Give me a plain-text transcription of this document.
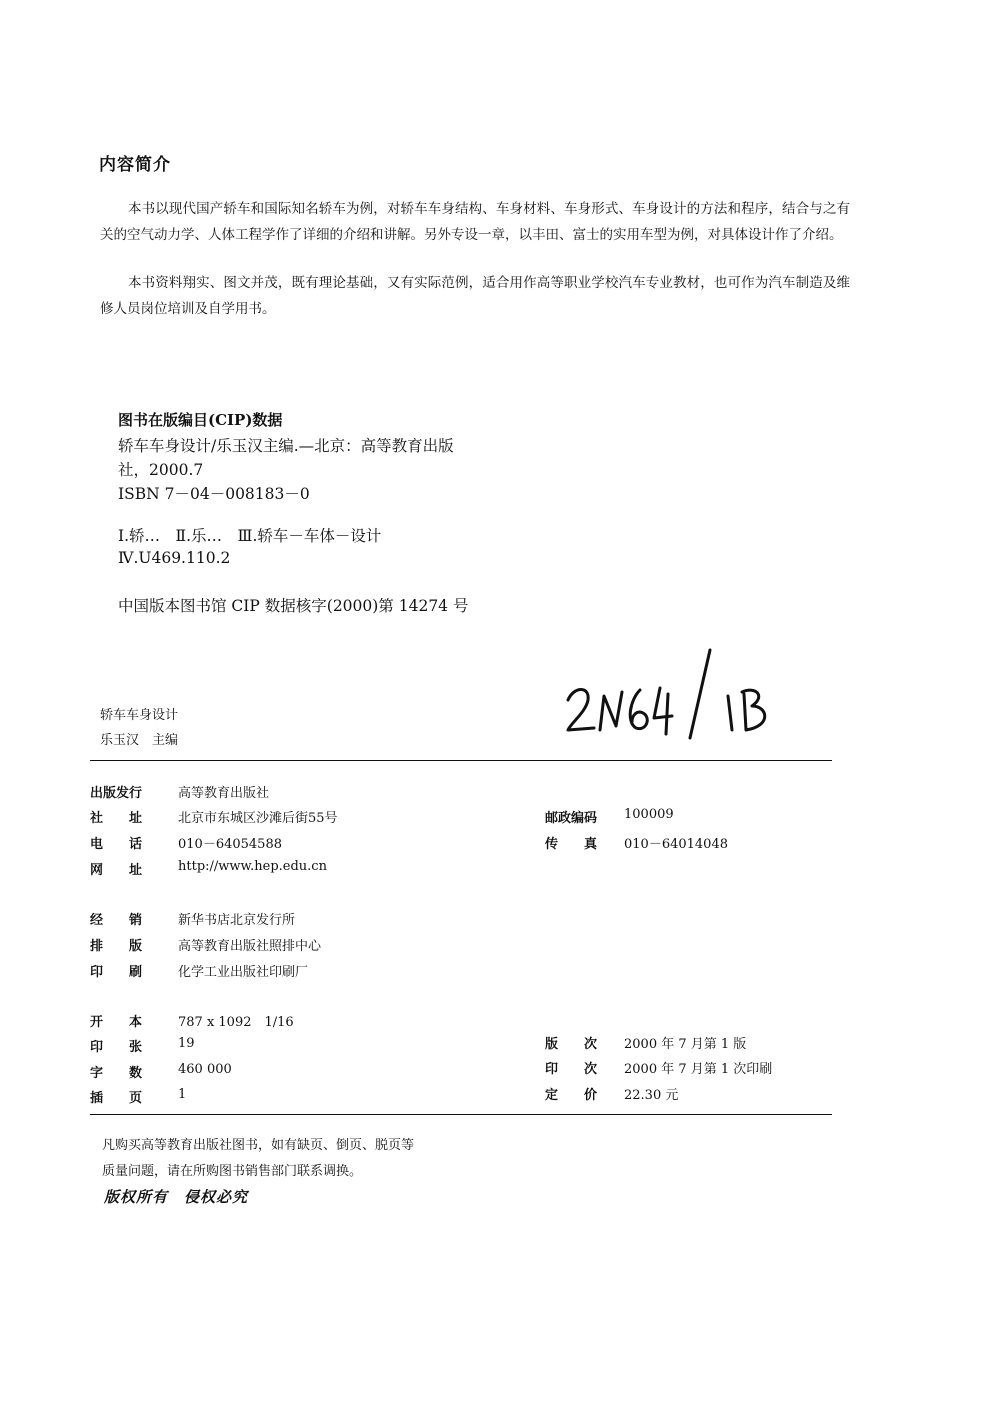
内容简介

本书以现代国产轿车和国际知名轿车为例，对轿车车身结构、车身材料、车身形式、车身设计的方法和程序，结合与之有关的空气动力学、人体工程学作了详细的介绍和讲解。另外专设一章，以丰田、富士的实用车型为例，对具体设计作了介绍。

本书资料翔实、图文并茂，既有理论基础，又有实际范例，适合用作高等职业学校汽车专业教材，也可作为汽车制造及维修人员岗位培训及自学用书。

图书在版编目(CIP)数据
轿车车身设计/乐玉汉主编.—北京：高等教育出版
社，2000.7
ISBN 7－04－008183－0
Ⅰ.轿…　Ⅱ.乐…　Ⅲ.轿车－车体－设计
Ⅳ.U469.110.2
中国版本图书馆 CIP 数据核字(2000)第 14274 号
轿车车身设计
乐玉汉　主编
出版发行	高等教育出版社
社　　址	北京市东城区沙滩后街55号	邮政编码 100009
电　　话	010－64054588	传　　真 010－64014048
网　　址	http://www.hep.edu.cn
经　　销	新华书店北京发行所
排　　版	高等教育出版社照排中心
印　　刷	化学工业出版社印刷厂
开　　本	787 x 1092　1/16
印　　张	19	版　　次 2000 年 7 月第 1 版
字　　数	460 000	印　　次 2000 年 7 月第 1 次印刷
插　　页	1	定　　价 22.30 元
凡购买高等教育出版社图书，如有缺页、倒页、脱页等
质量问题，请在所购图书销售部门联系调换。
版权所有　侵权必究
